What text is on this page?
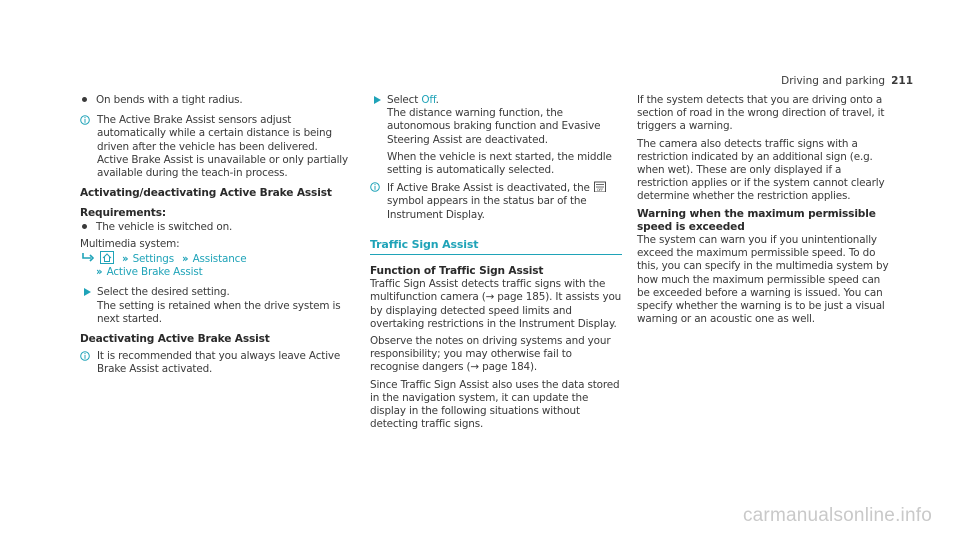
Driving and parking 211

On bends with a tight radius.

The Active Brake Assist sensors adjust automatically while a certain distance is being driven after the vehicle has been delivered. Active Brake Assist is unavailable or only partially available during the teach-in process.

Activating/deactivating Active Brake Assist

Requirements:

The vehicle is switched on.

Multimedia system:

›› Settings ›› Assistance

›› Active Brake Assist

Select the desired setting.
The setting is retained when the drive system is next started.

Deactivating Active Brake Assist

It is recommended that you always leave Active Brake Assist activated.

Select Off.
The distance warning function, the autonomous braking function and Evasive Steering Assist are deactivated.

When the vehicle is next started, the middle setting is automatically selected.

If Active Brake Assist is deactivated, the OFF
symbol appears in the status bar of the Instrument Display.

Traffic Sign Assist

Function of Traffic Sign Assist

Traffic Sign Assist detects traffic signs with the multifunction camera (→ page 185). It assists you by displaying detected speed limits and overtaking restrictions in the Instrument Display.

Observe the notes on driving systems and your responsibility; you may otherwise fail to recognise dangers (→ page 184).

Since Traffic Sign Assist also uses the data stored in the navigation system, it can update the display in the following situations without detecting traffic signs.

If the system detects that you are driving onto a section of road in the wrong direction of travel, it triggers a warning.

The camera also detects traffic signs with a restriction indicated by an additional sign (e.g. when wet). These are only displayed if a restriction applies or if the system cannot clearly determine whether the restriction applies.

Warning when the maximum permissible speed is exceeded

The system can warn you if you unintentionally exceed the maximum permissible speed. To do this, you can specify in the multimedia system by how much the maximum permissible speed can be exceeded before a warning is issued. You can specify whether the warning is to be just a visual warning or an acoustic one as well.

carmanualsonline.info
